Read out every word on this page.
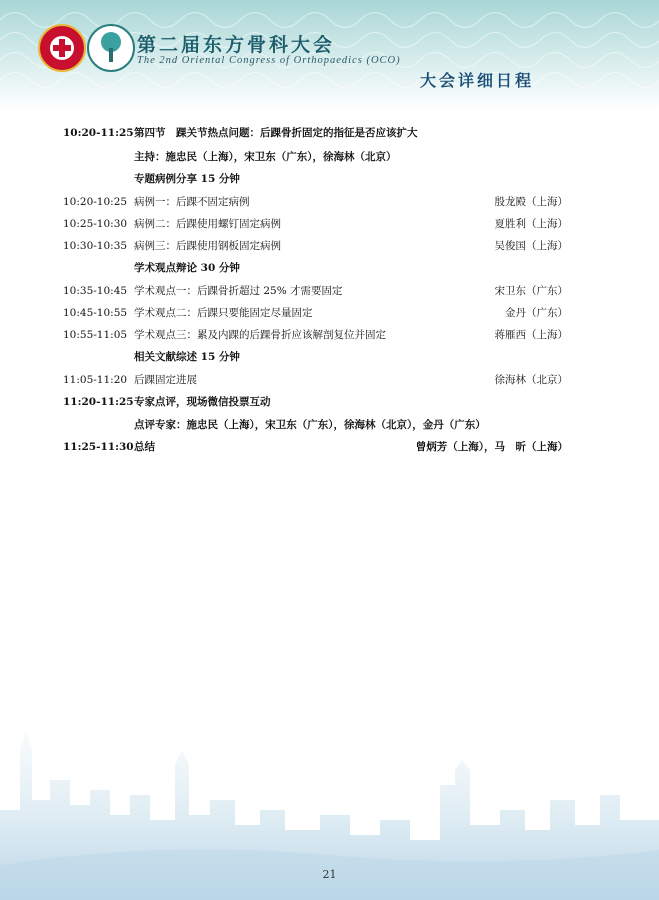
第二届东方骨科大会
The 2nd Oriental Congress of Orthopaedics (OCO)
大会详细日程
10:20-11:25 第四节　踝关节热点问题：后踝骨折固定的指征是否应该扩大
主持：施忠民（上海），宋卫东（广东），徐海林（北京）
专题病例分享 15 分钟
10:20-10:25 病例一：后踝不固定病例	殷龙殿（上海）
10:25-10:30 病例二：后踝使用螺钉固定病例	夏胜利（上海）
10:30-10:35 病例三：后踝使用钢板固定病例	吴俊国（上海）
学术观点辩论 30 分钟
10:35-10:45 学术观点一：后踝骨折超过 25% 才需要固定	宋卫东（广东）
10:45-10:55 学术观点二：后踝只要能固定尽量固定	金丹（广东）
10:55-11:05 学术观点三：累及内踝的后踝骨折应该解剖复位并固定	蒋雁西（上海）
相关文献综述 15 分钟
11:05-11:20 后踝固定进展	徐海林（北京）
11:20-11:25 专家点评，现场微信投票互动
点评专家：施忠民（上海），宋卫东（广东），徐海林（北京），金丹（广东）
11:25-11:30 总结	曾炳芳（上海），马　昕（上海）
21
